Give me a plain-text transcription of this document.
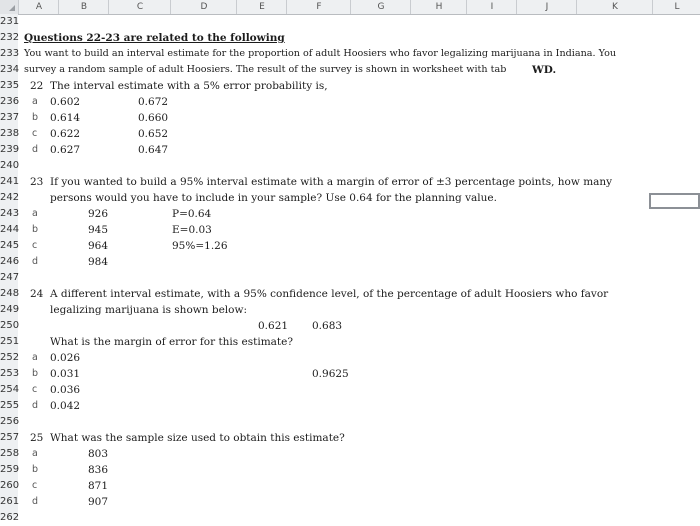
A	B	C	D	E	F	G	H	I	J	K	L
231
232 Questions 22-23 are related to the following
233 You want to build an interval estimate for the proportion of adult Hoosiers who favor legalizing marijuana in Indiana. You
234 survey a random sample of adult Hoosiers. The result of the survey is shown in worksheet with tab WD.
235 22 The interval estimate with a 5% error probability is,
236 a 0.602	0.672
237 b 0.614	0.660
238 c 0.622	0.652
239 d 0.627	0.647
240
241 23 If you wanted to build a 95% interval estimate with a margin of error of ±3 percentage points, how many
242	persons would you have to include in your sample? Use 0.64 for the planning value.
243 a	926	P=0.64
244 b	945	E=0.03
245 c	964	95%=1.26
246 d	984
247
248 24 A different interval estimate, with a 95% confidence level, of the percentage of adult Hoosiers who favor
249	legalizing marijuana is shown below:
250	0.621 0.683
251	What is the margin of error for this estimate?
252 a 0.026
253 b 0.031	0.9625
254 c 0.036
255 d 0.042
256
257 25 What was the sample size used to obtain this estimate?
258 a	803
259 b	836
260 c	871
261 d	907
262
